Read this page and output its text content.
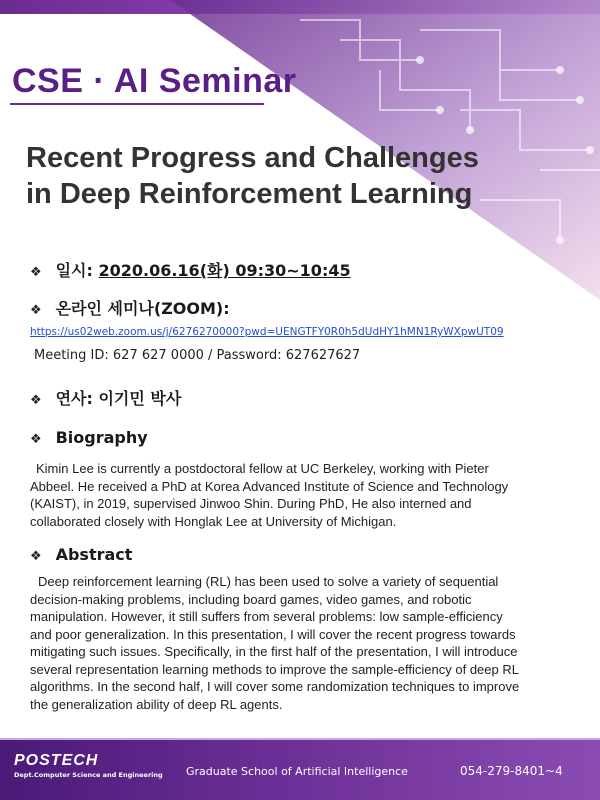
CSE · AI Seminar
Recent Progress and Challenges
in Deep Reinforcement Learning
❖ 일시: 2020.06.16(화) 09:30~10:45
❖ 온라인 세미나(ZOOM):
https://us02web.zoom.us/j/6276270000?pwd=UENGTFY0R0h5dUdHY1hMN1RyWXpwUT09
Meeting ID: 627 627 0000 / Password: 627627627
❖ 연사: 이기민 박사
❖ Biography
Kimin Lee is currently a postdoctoral fellow at UC Berkeley, working with Pieter
Abbeel. He received a PhD at Korea Advanced Institute of Science and Technology
(KAIST), in 2019, supervised Jinwoo Shin. During PhD, He also interned and
collaborated closely with Honglak Lee at University of Michigan.
❖ Abstract
Deep reinforcement learning (RL) has been used to solve a variety of sequential
decision-making problems, including board games, video games, and robotic
manipulation. However, it still suffers from several problems: low sample-efficiency
and poor generalization. In this presentation, I will cover the recent progress towards
mitigating such issues. Specifically, in the first half of the presentation, I will introduce
several representation learning methods to improve the sample-efficiency of deep RL
algorithms. In the second half, I will cover some randomization techniques to improve
the generalization ability of deep RL agents.
POSTECH
Dept.Computer Science and Engineering Graduate School of Artificial Intelligence	054-279-8401~4
